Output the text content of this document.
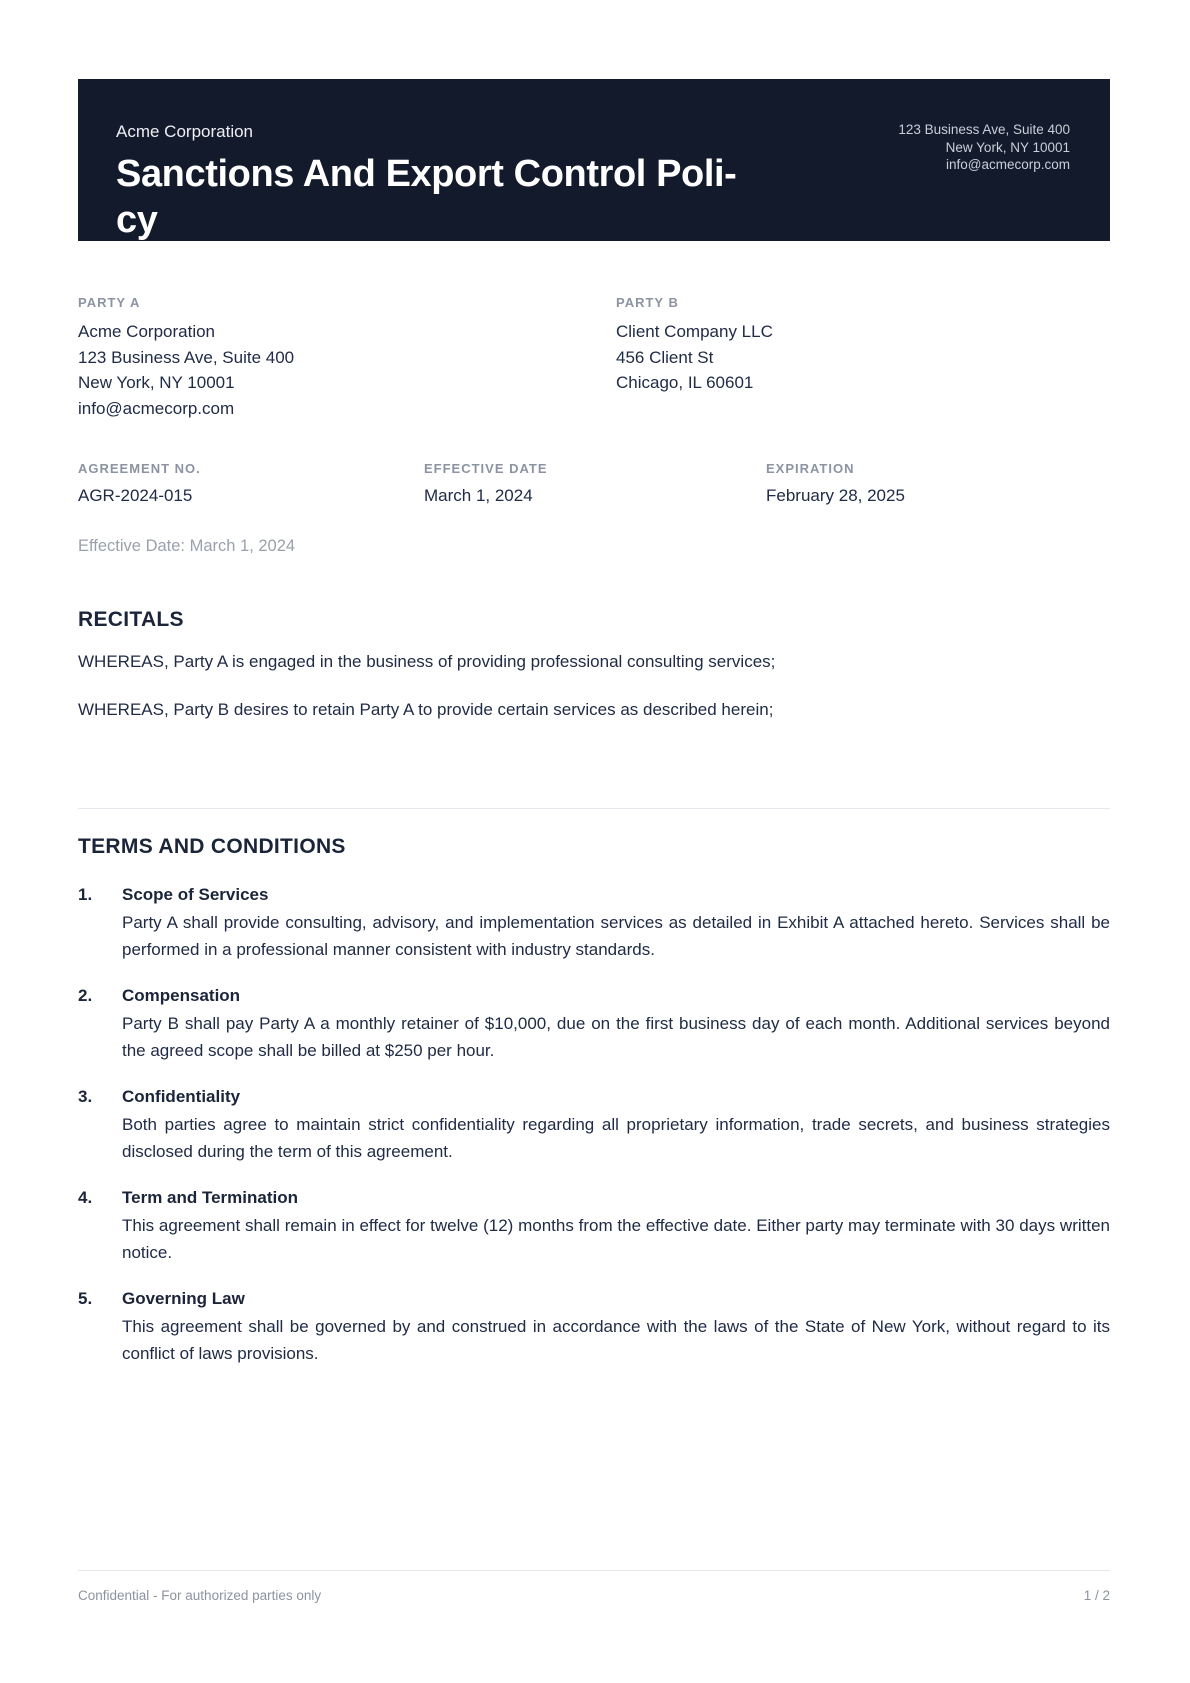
Acme Corporation
Sanctions And Export Control Poli-
cy
123 Business Ave, Suite 400
New York, NY 10001
info@acmecorp.com
PARTY A
Acme Corporation
123 Business Ave, Suite 400
New York, NY 10001
info@acmecorp.com
PARTY B
Client Company LLC
456 Client St
Chicago, IL 60601
AGREEMENT NO.
AGR-2024-015
EFFECTIVE DATE
March 1, 2024
EXPIRATION
February 28, 2025
Effective Date: March 1, 2024
RECITALS

WHEREAS, Party A is engaged in the business of providing professional consulting services;

WHEREAS, Party B desires to retain Party A to provide certain services as described herein;

TERMS AND CONDITIONS
1.	Scope of Services
Party A shall provide consulting, advisory, and implementation services as detailed in Exhibit A attached hereto. Services shall be performed in a professional manner consistent with industry standards.
2.	Compensation
Party B shall pay Party A a monthly retainer of $10,000, due on the first business day of each month. Additional services beyond the agreed scope shall be billed at $250 per hour.
3.	Confidentiality
Both parties agree to maintain strict confidentiality regarding all proprietary information, trade secrets, and business strategies disclosed during the term of this agreement.
4.	Term and Termination
This agreement shall remain in effect for twelve (12) months from the effective date. Either party may terminate with 30 days written notice.
5.	Governing Law
This agreement shall be governed by and construed in accordance with the laws of the State of New York, without regard to its conflict of laws provisions.
Confidential - For authorized parties only	1 / 2
